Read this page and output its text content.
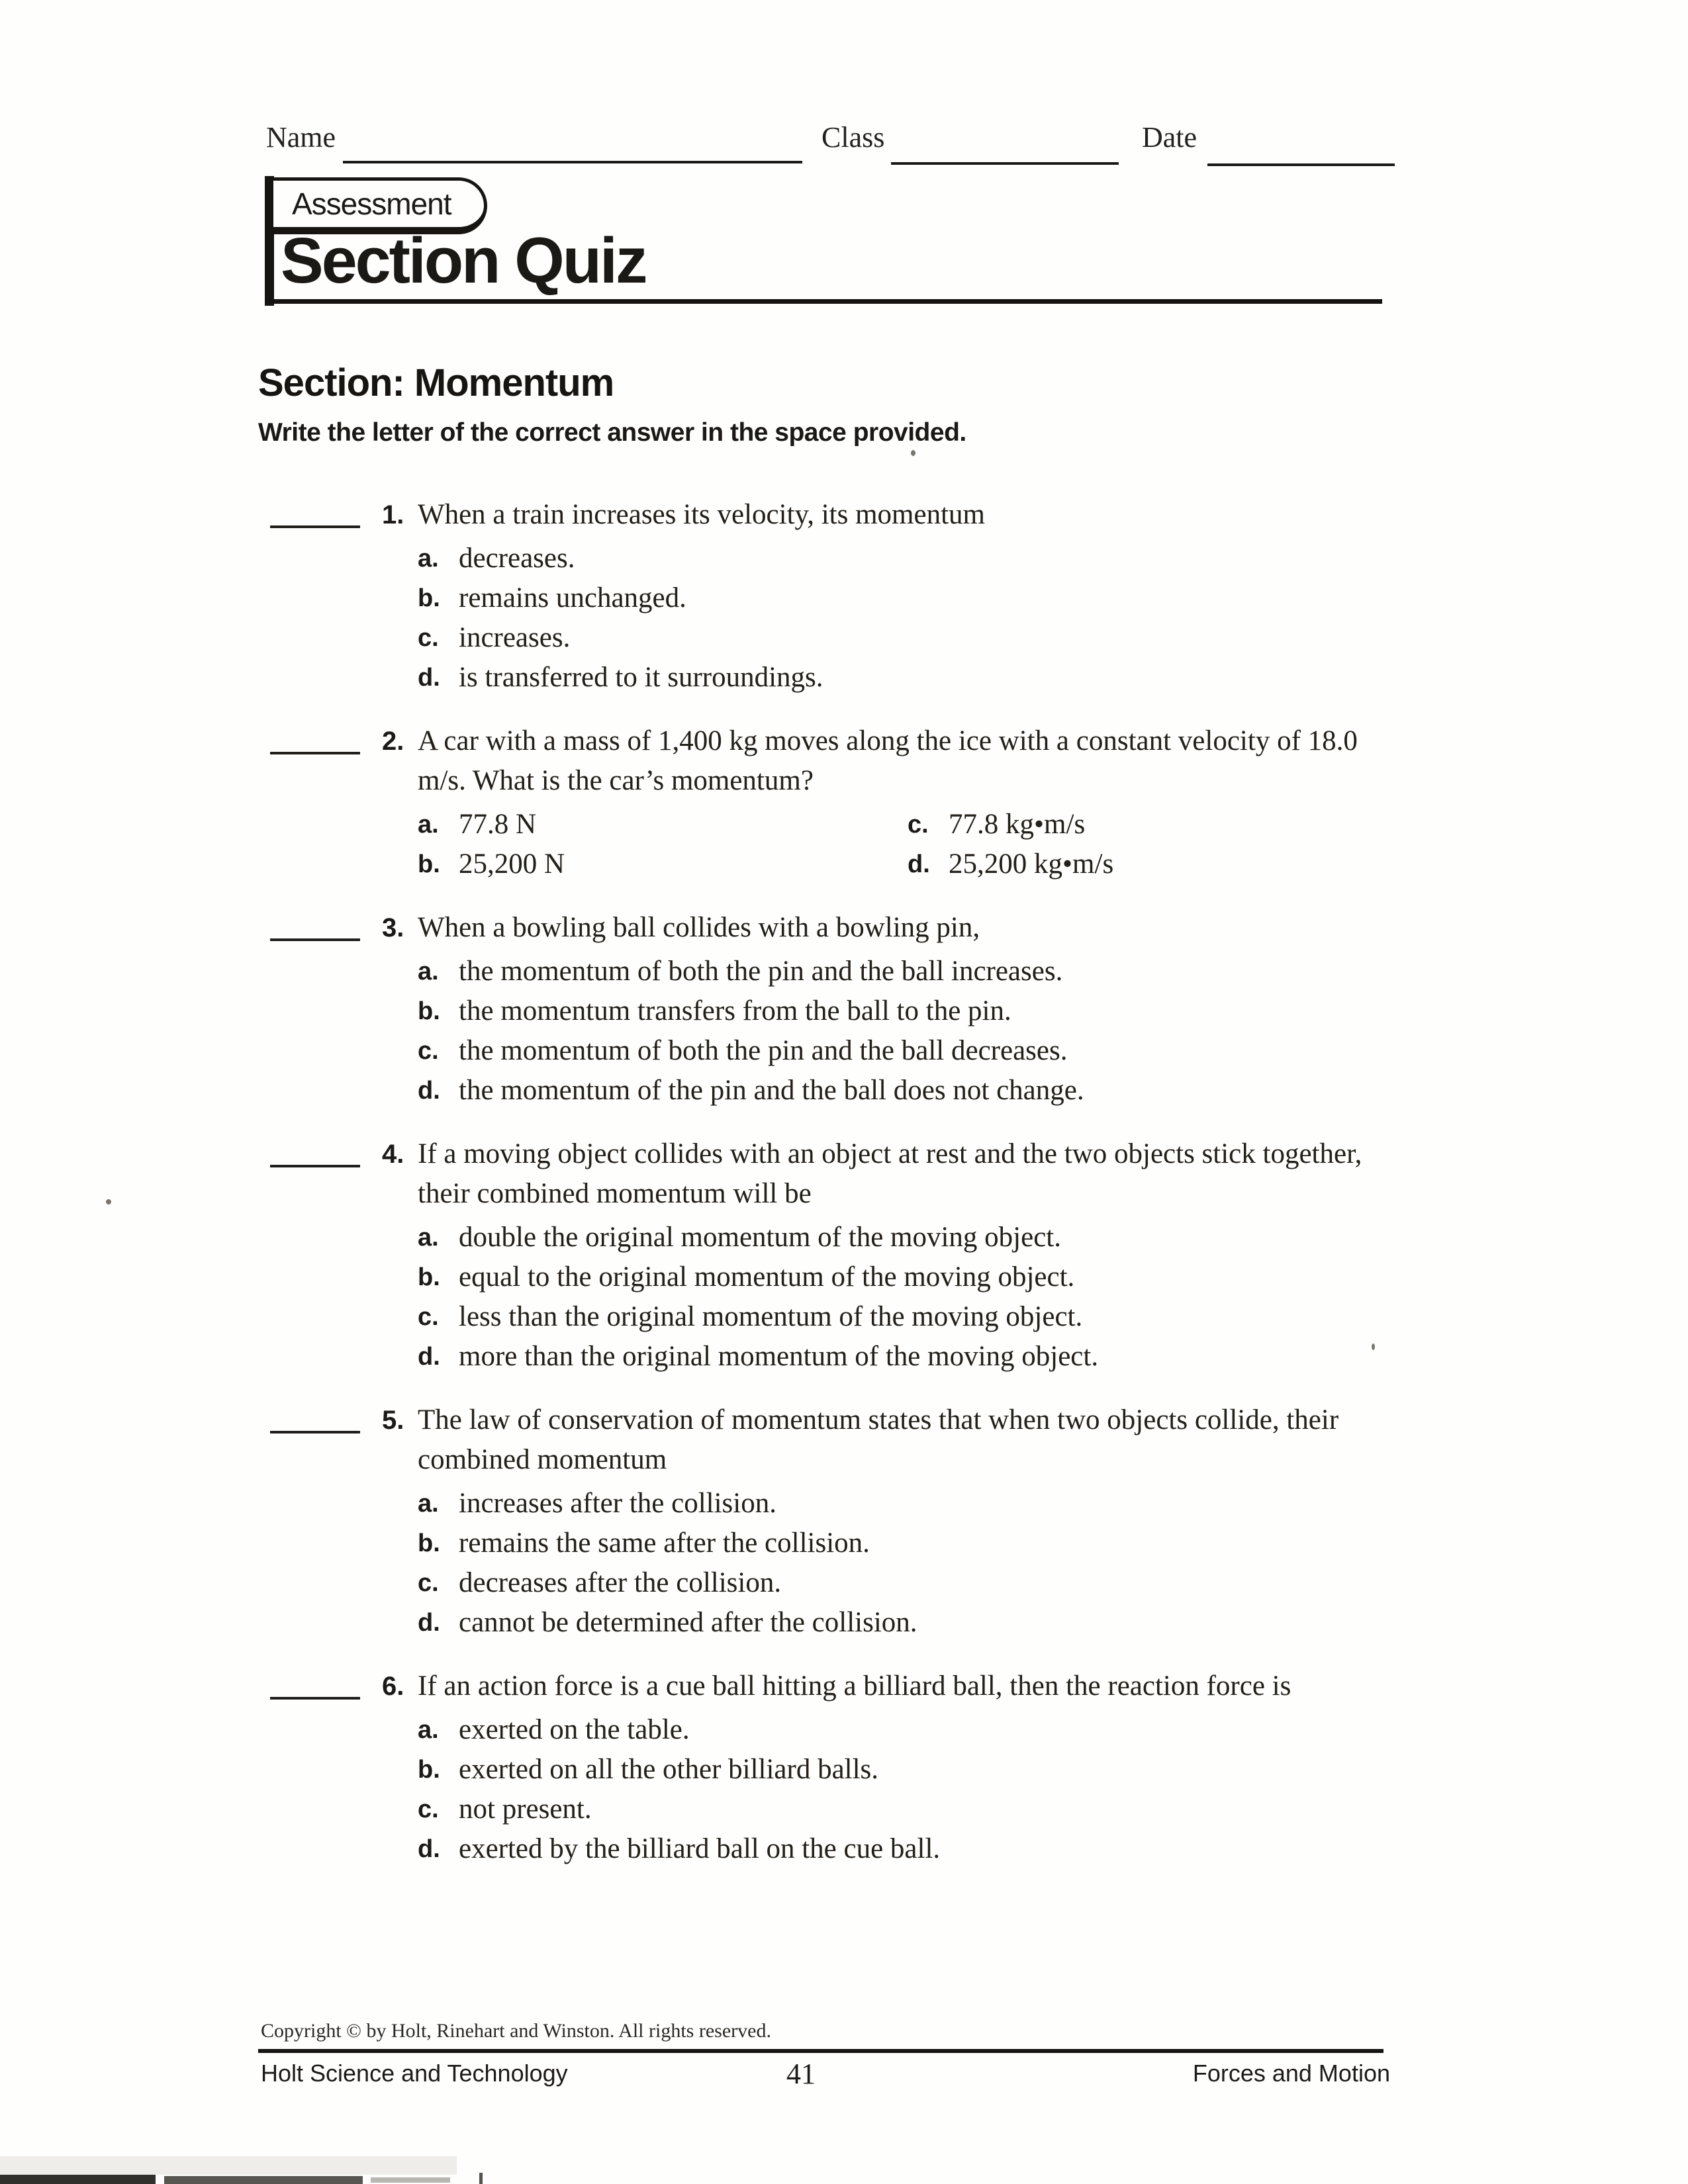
Name	Class	Date
Assessment
Section Quiz
Section: Momentum
Write the letter of the correct answer in the space provided.
1. When a train increases its velocity, its momentum
a. decreases.
b. remains unchanged.
c. increases.
d. is transferred to it surroundings.
2. A car with a mass of 1,400 kg moves along the ice with a constant velocity of 18.0 m/s. What is the car’s momentum?
a. 77.8 N	c. 77.8 kg•m/s
b. 25,200 N	d. 25,200 kg•m/s
3. When a bowling ball collides with a bowling pin,
a. the momentum of both the pin and the ball increases.
b. the momentum transfers from the ball to the pin.
c. the momentum of both the pin and the ball decreases.
d. the momentum of the pin and the ball does not change.
4. If a moving object collides with an object at rest and the two objects stick together, their combined momentum will be
a. double the original momentum of the moving object.
b. equal to the original momentum of the moving object.
c. less than the original momentum of the moving object.
d. more than the original momentum of the moving object.
5. The law of conservation of momentum states that when two objects collide, their combined momentum
a. increases after the collision.
b. remains the same after the collision.
c. decreases after the collision.
d. cannot be determined after the collision.
6. If an action force is a cue ball hitting a billiard ball, then the reaction force is
a. exerted on the table.
b. exerted on all the other billiard balls.
c. not present.
d. exerted by the billiard ball on the cue ball.
Copyright © by Holt, Rinehart and Winston. All rights reserved.
Holt Science and Technology	41	Forces and Motion
